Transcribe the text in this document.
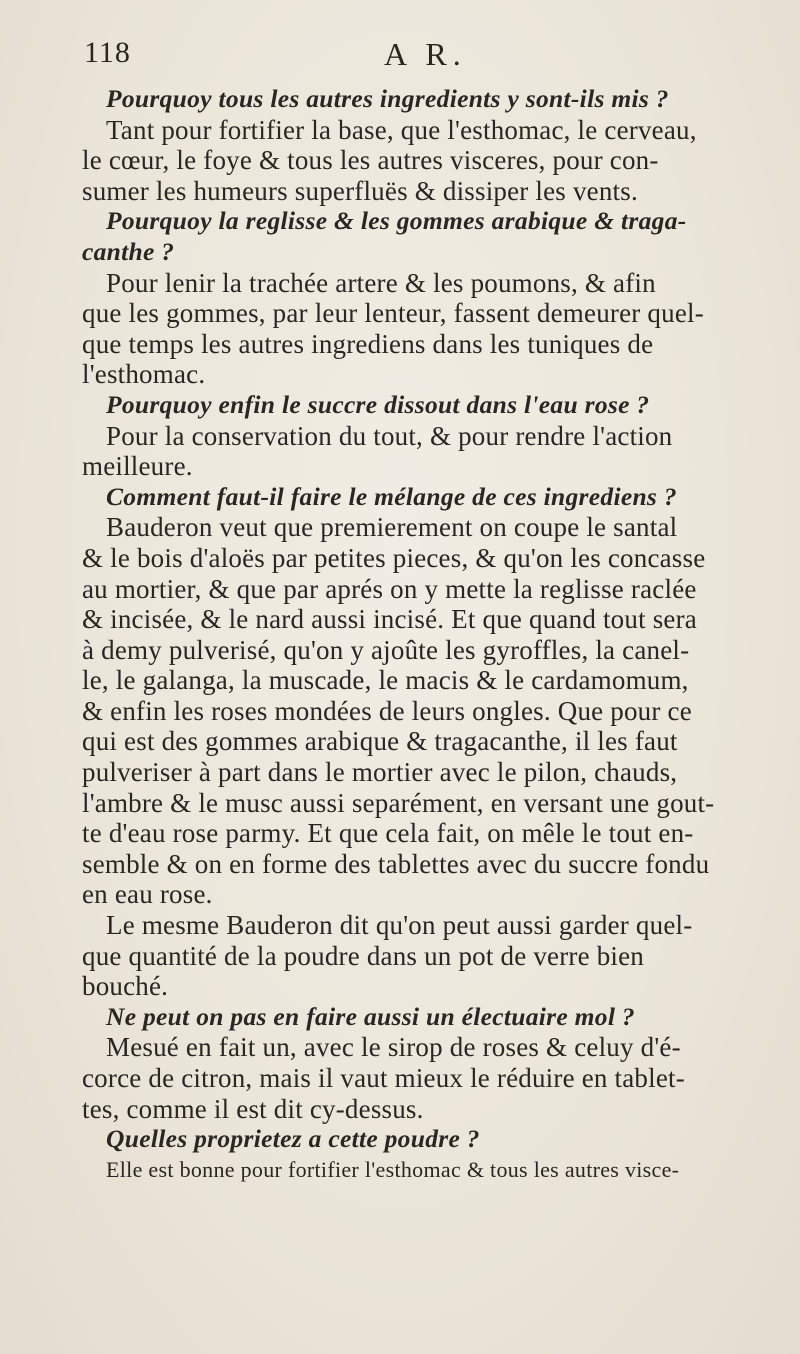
118	A R.
Pourquoy tous les autres ingredients y sont-ils mis ?
Tant pour fortifier la base, que l'esthomac, le cerveau,
le cœur, le foye & tous les autres visceres, pour con-
sumer les humeurs superfluës & dissiper les vents.
Pourquoy la reglisse & les gommes arabique & traga-
canthe ?
Pour lenir la trachée artere & les poumons, & afin
que les gommes, par leur lenteur, fassent demeurer quel-
que temps les autres ingrediens dans les tuniques de
l'esthomac.
Pourquoy enfin le succre dissout dans l'eau rose ?
Pour la conservation du tout, & pour rendre l'action
meilleure.
Comment faut-il faire le mélange de ces ingrediens ?
Bauderon veut que premierement on coupe le santal
& le bois d'aloës par petites pieces, & qu'on les concasse
au mortier, & que par aprés on y mette la reglisse raclée
& incisée, & le nard aussi incisé. Et que quand tout sera
à demy pulverisé, qu'on y ajoûte les gyroffles, la canel-
le, le galanga, la muscade, le macis & le cardamomum,
& enfin les roses mondées de leurs ongles. Que pour ce
qui est des gommes arabique & tragacanthe, il les faut
pulveriser à part dans le mortier avec le pilon, chauds,
l'ambre & le musc aussi separément, en versant une gout-
te d'eau rose parmy. Et que cela fait, on mêle le tout en-
semble & on en forme des tablettes avec du succre fondu
en eau rose.
Le mesme Bauderon dit qu'on peut aussi garder quel-
que quantité de la poudre dans un pot de verre bien
bouché.
Ne peut on pas en faire aussi un électuaire mol ?
Mesué en fait un, avec le sirop de roses & celuy d'é-
corce de citron, mais il vaut mieux le réduire en tablet-
tes, comme il est dit cy-dessus.
Quelles proprietez a cette poudre ?
Elle est bonne pour fortifier l'esthomac & tous les autres visce-
